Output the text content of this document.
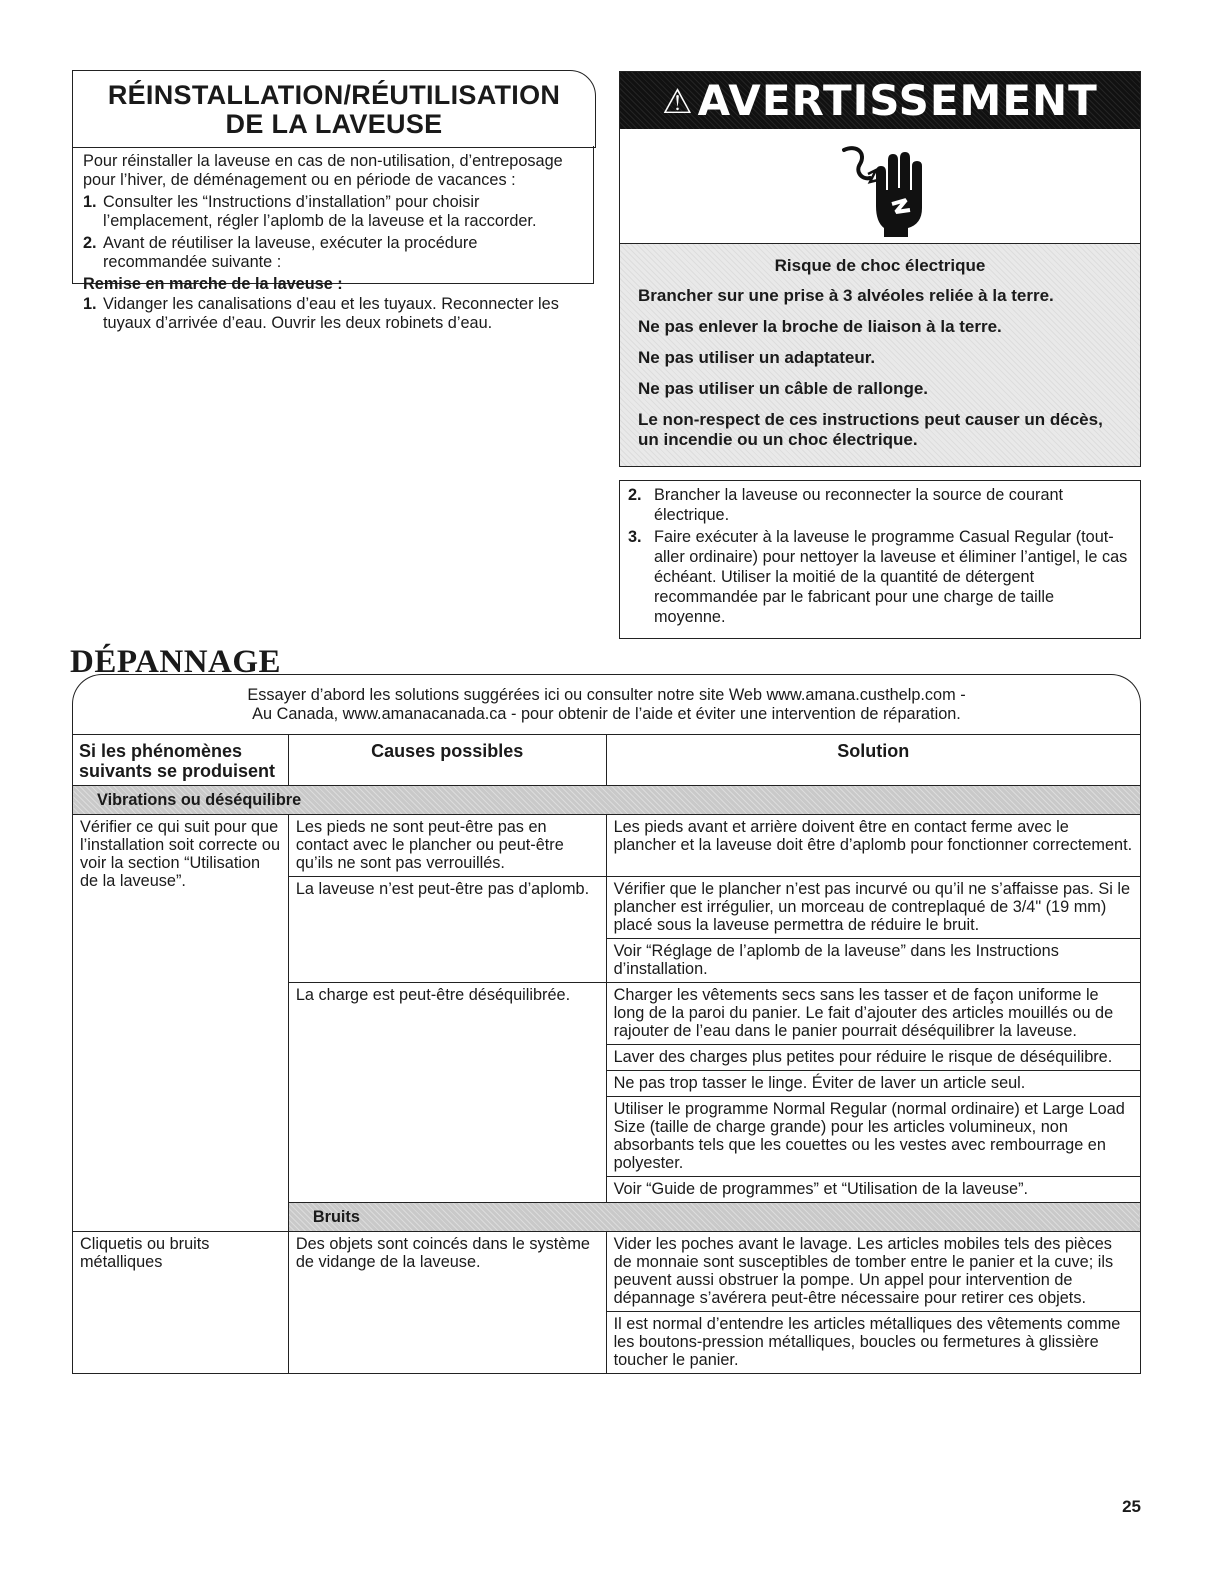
RÉINSTALLATION/RÉUTILISATION
DE LA LAVEUSE

Pour réinstaller la laveuse en cas de non-utilisation, d’entreposage pour l’hiver, de déménagement ou en période de vacances :

1. Consulter les “Instructions d’installation” pour choisir l’emplacement, régler l’aplomb de la laveuse et la raccorder.
2. Avant de réutiliser la laveuse, exécuter la procédure recommandée suivante :

Remise en marche de la laveuse :

1. Vidanger les canalisations d’eau et les tuyaux. Reconnecter les tuyaux d’arrivée d’eau. Ouvrir les deux robinets d’eau.
⚠AVERTISSEMENT

Risque de choc électrique

Brancher sur une prise à 3 alvéoles reliée à la terre.

Ne pas enlever la broche de liaison à la terre.

Ne pas utiliser un adaptateur.

Ne pas utiliser un câble de rallonge.

Le non-respect de ces instructions peut causer un décès, un incendie ou un choc électrique.

2. Brancher la laveuse ou reconnecter la source de courant électrique.
3. Faire exécuter à la laveuse le programme Casual Regular (tout-aller ordinaire) pour nettoyer la laveuse et éliminer l’antigel, le cas échéant. Utiliser la moitié de la quantité de détergent recommandée par le fabricant pour une charge de taille moyenne.
DÉPANNAGE
Essayer d’abord les solutions suggérées ici ou consulter notre site Web www.amana.custhelp.com -
Au Canada, www.amanacanada.ca - pour obtenir de l’aide et éviter une intervention de réparation.
Si les phénomènes suivants se produisent	Causes possibles	Solution
Vibrations ou déséquilibre		
Vérifier ce qui suit pour que l’installation soit correcte ou voir la section “Utilisation de la laveuse”.	Les pieds ne sont peut-être pas en contact avec le plancher ou peut-être qu’ils ne sont pas verrouillés.	Les pieds avant et arrière doivent être en contact ferme avec le plancher et la laveuse doit être d’aplomb pour fonctionner correctement.
	La laveuse n’est peut-être pas d’aplomb.	Vérifier que le plancher n’est pas incurvé ou qu’il ne s’affaisse pas. Si le plancher est irrégulier, un morceau de contreplaqué de 3/4" (19 mm) placé sous la laveuse permettra de réduire le bruit.
		Voir “Réglage de l’aplomb de la laveuse” dans les Instructions d’installation.
	La charge est peut-être déséquilibrée.	Charger les vêtements secs sans les tasser et de façon uniforme le long de la paroi du panier. Le fait d’ajouter des articles mouillés ou de rajouter de l’eau dans le panier pourrait déséquilibrer la laveuse.
		Laver des charges plus petites pour réduire le risque de déséquilibre.
		Ne pas trop tasser le linge. Éviter de laver un article seul.
		Utiliser le programme Normal Regular (normal ordinaire) et Large Load Size (taille de charge grande) pour les articles volumineux, non absorbants tels que les couettes ou les vestes avec rembourrage en polyester.
		Voir “Guide de programmes” et “Utilisation de la laveuse”.
	Bruits	
Cliquetis ou bruits métalliques	Des objets sont coincés dans le système de vidange de la laveuse.	Vider les poches avant le lavage. Les articles mobiles tels des pièces de monnaie sont susceptibles de tomber entre le panier et la cuve; ils peuvent aussi obstruer la pompe. Un appel pour intervention de dépannage s’avérera peut-être nécessaire pour retirer ces objets.
		Il est normal d’entendre les articles métalliques des vêtements comme les boutons-pression métalliques, boucles ou fermetures à glissière toucher le panier.
25
